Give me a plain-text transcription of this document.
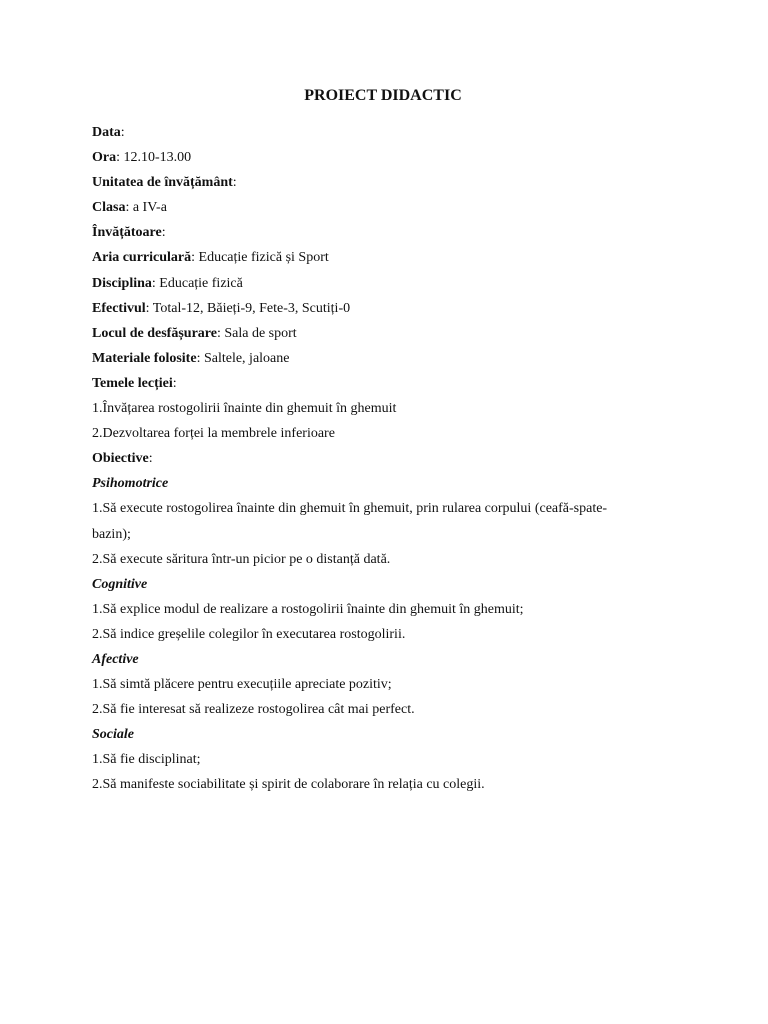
PROIECT DIDACTIC
Data:
Ora: 12.10-13.00
Unitatea de învățământ:
Clasa: a IV-a
Învățătoare:
Aria curriculară: Educație fizică și Sport
Disciplina: Educație fizică
Efectivul: Total-12, Băieți-9, Fete-3, Scutiți-0
Locul de desfășurare: Sala de sport
Materiale folosite: Saltele, jaloane
Temele lecției:
1.Învățarea rostogolirii înainte din ghemuit în ghemuit
2.Dezvoltarea forței la membrele inferioare
Obiective:
Psihomotrice
1.Să execute rostogolirea înainte din ghemuit în ghemuit, prin rularea corpului (ceafă-spate-
bazin);
2.Să execute săritura într-un picior pe o distanță dată.
Cognitive
1.Să explice modul de realizare a rostogolirii înainte din ghemuit în ghemuit;
2.Să indice greșelile colegilor în executarea rostogolirii.
Afective
1.Să simtă plăcere pentru execuțiile apreciate pozitiv;
2.Să fie interesat să realizeze rostogolirea cât mai perfect.
Sociale
1.Să fie disciplinat;
2.Să manifeste sociabilitate și spirit de colaborare în relația cu colegii.
